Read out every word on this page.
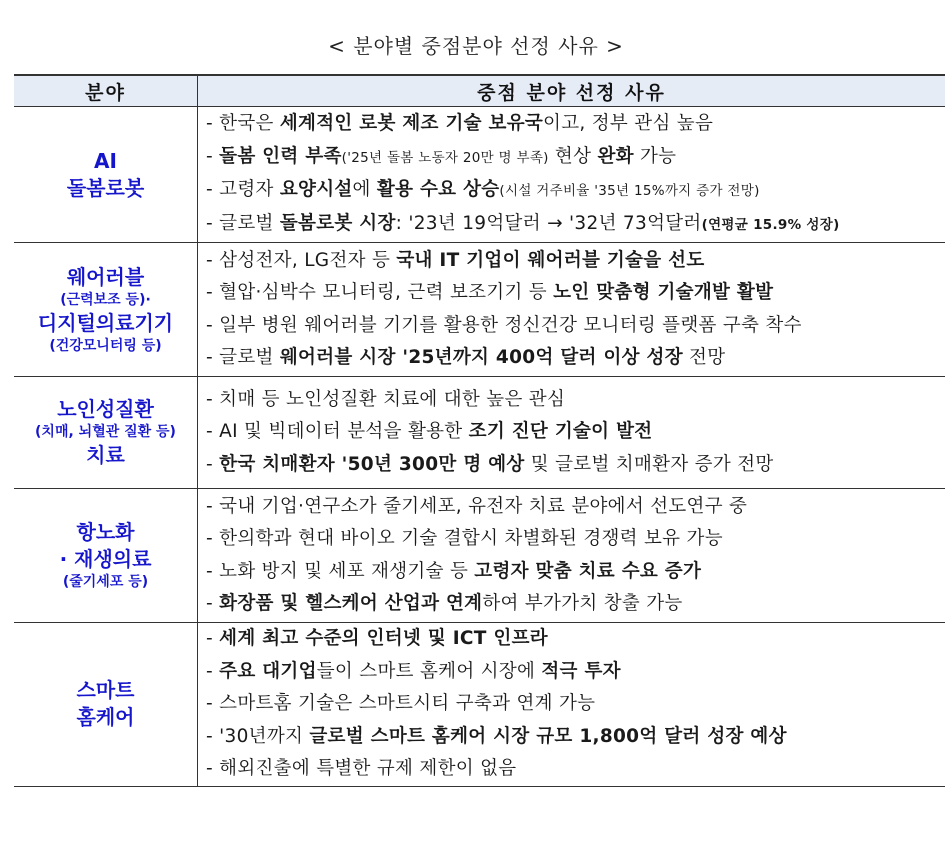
< 분야별 중점분야 선정 사유 >
분야	중점 분야 선정 사유

AI
돌봄로봇	- 한국은 세계적인 로봇 제조 기술 보유국이고, 정부 관심 높음
- 돌봄 인력 부족('25년 돌봄 노동자 20만 명 부족) 현상 완화 가능
- 고령자 요양시설에 활용 수요 상승(시설 거주비율 '35년 15%까지 증가 전망)
- 글로벌 돌봄로봇 시장: '23년 19억달러 → '32년 73억달러(연평균 15.9% 성장)

웨어러블
(근력보조 등)·
디지털의료기기
(건강모니터링 등)	- 삼성전자, LG전자 등 국내 IT 기업이 웨어러블 기술을 선도
- 혈압·심박수 모니터링, 근력 보조기기 등 노인 맞춤형 기술개발 활발
- 일부 병원 웨어러블 기기를 활용한 정신건강 모니터링 플랫폼 구축 착수
- 글로벌 웨어러블 시장 '25년까지 400억 달러 이상 성장 전망

노인성질환
(치매, 뇌혈관 질환 등)
치료	- 치매 등 노인성질환 치료에 대한 높은 관심
- AI 및 빅데이터 분석을 활용한 조기 진단 기술이 발전
- 한국 치매환자 '50년 300만 명 예상 및 글로벌 치매환자 증가 전망

항노화
· 재생의료
(줄기세포 등)	- 국내 기업·연구소가 줄기세포, 유전자 치료 분야에서 선도연구 중
- 한의학과 현대 바이오 기술 결합시 차별화된 경쟁력 보유 가능
- 노화 방지 및 세포 재생기술 등 고령자 맞춤 치료 수요 증가
- 화장품 및 헬스케어 산업과 연계하여 부가가치 창출 가능

스마트
홈케어	- 세계 최고 수준의 인터넷 및 ICT 인프라
- 주요 대기업들이 스마트 홈케어 시장에 적극 투자
- 스마트홈 기술은 스마트시티 구축과 연계 가능
- '30년까지 글로벌 스마트 홈케어 시장 규모 1,800억 달러 성장 예상
- 해외진출에 특별한 규제 제한이 없음
